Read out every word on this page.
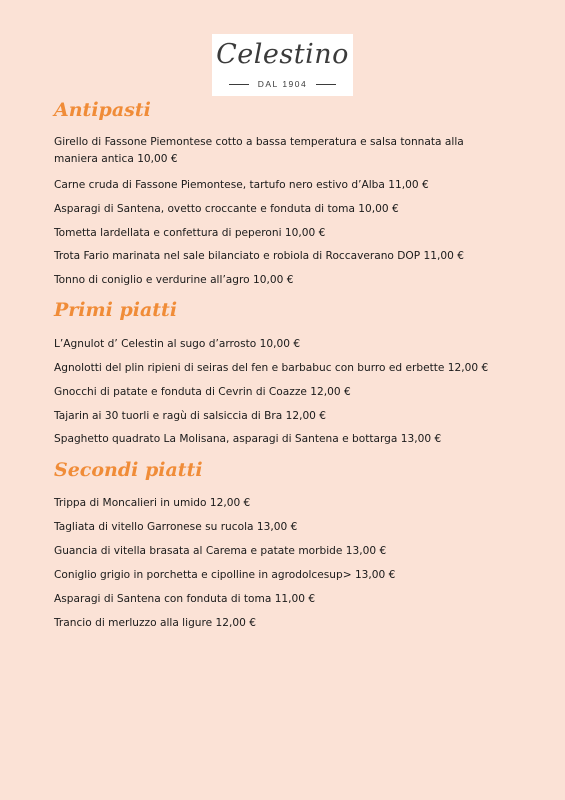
Celestino
DAL 1904
Antipasti

Girello di Fassone Piemontese cotto a bassa temperatura e salsa tonnata alla maniera antica 10,00 €

Carne cruda di Fassone Piemontese, tartufo nero estivo d’Alba 11,00 €

Asparagi di Santena, ovetto croccante e fonduta di toma 10,00 €

Tometta lardellata e confettura di peperoni 10,00 €

Trota Fario marinata nel sale bilanciato e robiola di Roccaverano DOP 11,00 €

Tonno di coniglio e verdurine all’agro 10,00 €

Primi piatti

L’Agnulot d’ Celestin al sugo d’arrosto 10,00 €

Agnolotti del plin ripieni di seiras del fen e barbabuc con burro ed erbette 12,00 €

Gnocchi di patate e fonduta di Cevrin di Coazze 12,00 €

Tajarin ai 30 tuorli e ragù di salsiccia di Bra 12,00 €

Spaghetto quadrato La Molisana, asparagi di Santena e bottarga 13,00 €

Secondi piatti

Trippa di Moncalieri in umido 12,00 €

Tagliata di vitello Garronese su rucola 13,00 €

Guancia di vitella brasata al Carema e patate morbide 13,00 €

Coniglio grigio in porchetta e cipolline in agrodolcesup> 13,00 €

Asparagi di Santena con fonduta di toma 11,00 €

Trancio di merluzzo alla ligure 12,00 €
